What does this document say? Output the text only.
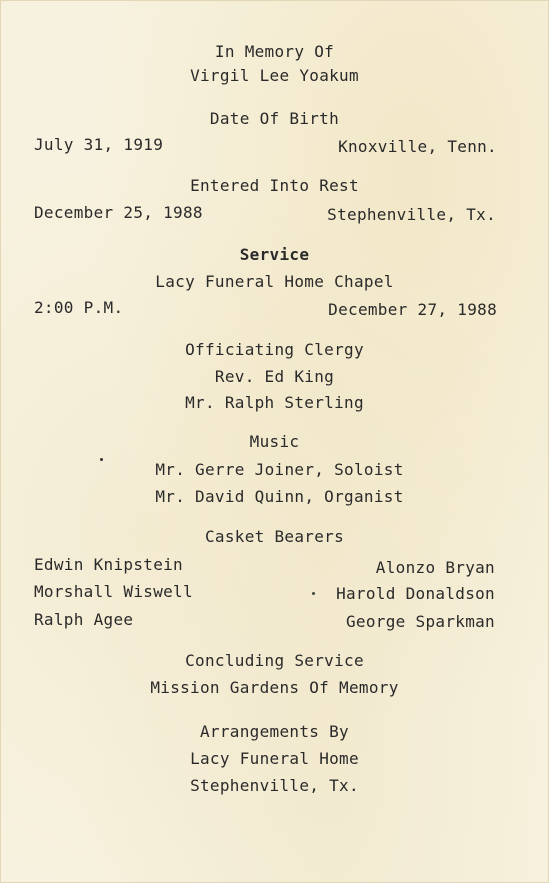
In Memory Of
Virgil Lee Yoakum
Date Of Birth
July 31, 1919	Knoxville, Tenn.
Entered Into Rest
December 25, 1988	Stephenville, Tx.
Service
Lacy Funeral Home Chapel
2:00 P.M.	December 27, 1988
Officiating Clergy
Rev. Ed King
Mr. Ralph Sterling
Music
Mr. Gerre Joiner, Soloist
Mr. David Quinn, Organist
Casket Bearers
Edwin Knipstein	Alonzo Bryan
Morshall Wiswell	Harold Donaldson
Ralph Agee	George Sparkman
Concluding Service
Mission Gardens Of Memory
Arrangements By
Lacy Funeral Home
Stephenville, Tx.
